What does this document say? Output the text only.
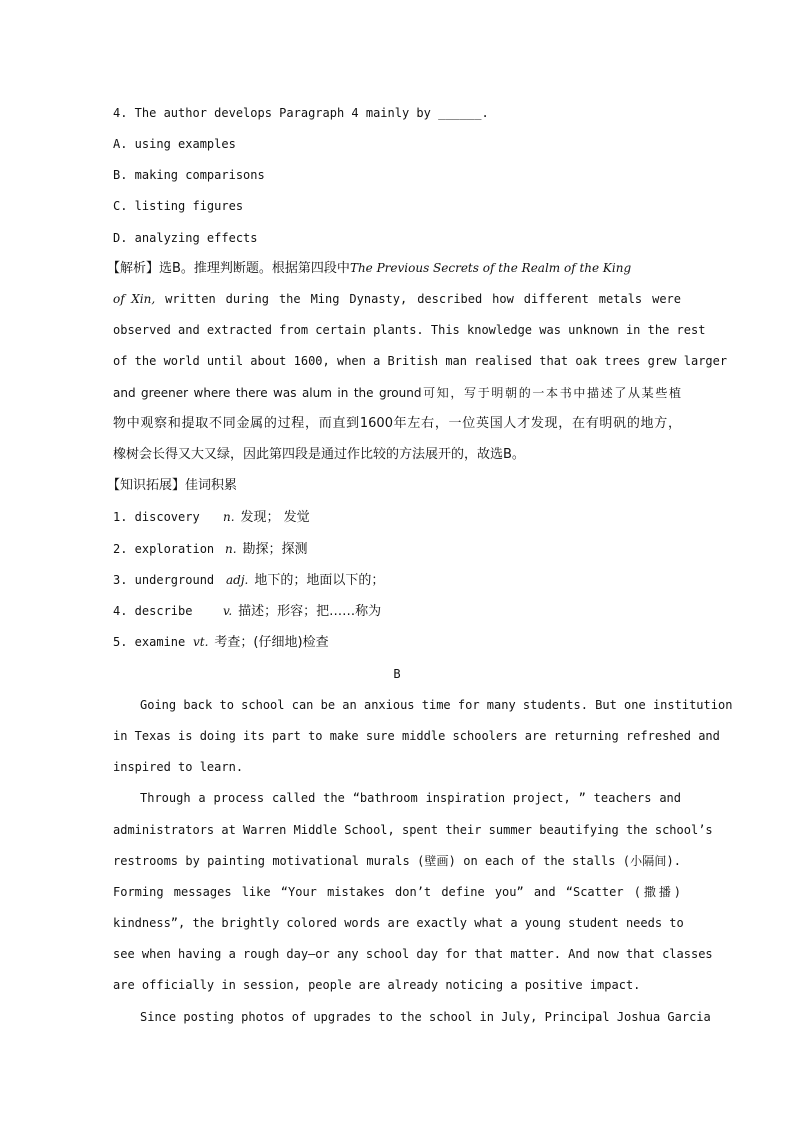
4. The author develops Paragraph 4 mainly by ______.
A. using examples
B. making comparisons
C. listing figures
D. analyzing effects
【解析】选B。推理判断题。根据第四段中The Previous Secrets of the Realm of the King
of Xin, written during the Ming Dynasty, described how different metals were
observed and extracted from certain plants. This knowledge was unknown in the rest
of the world until about 1600, when a British man realised that oak trees grew larger
and greener where there was alum in the ground可知，写于明朝的一本书中描述了从某些植
物中观察和提取不同金属的过程，而直到1600年左右，一位英国人才发现，在有明矾的地方，
橡树会长得又大又绿，因此第四段是通过作比较的方法展开的，故选B。
【知识拓展】佳词积累
1. discovery n. 发现； 发觉
2. exploration n. 勘探；探测
3. underground adj. 地下的；地面以下的；
4. describe	v. 描述；形容；把……称为
5. examine vt. 考查；(仔细地)检查
B
Going back to school can be an anxious time for many students. But one institution
in Texas is doing its part to make sure middle schoolers are returning refreshed and
inspired to learn.
Through a process called the “bathroom inspiration project, ” teachers and
administrators at Warren Middle School, spent their summer beautifying the school’s
restrooms by painting motivational murals (壁画) on each of the stalls (小隔间).
Forming messages like “Your mistakes don’t define you” and “Scatter (撒播)
kindness”, the brightly colored words are exactly what a young student needs to
see when having a rough day—or any school day for that matter. And now that classes
are officially in session, people are already noticing a positive impact.
Since posting photos of upgrades to the school in July, Principal Joshua Garcia
